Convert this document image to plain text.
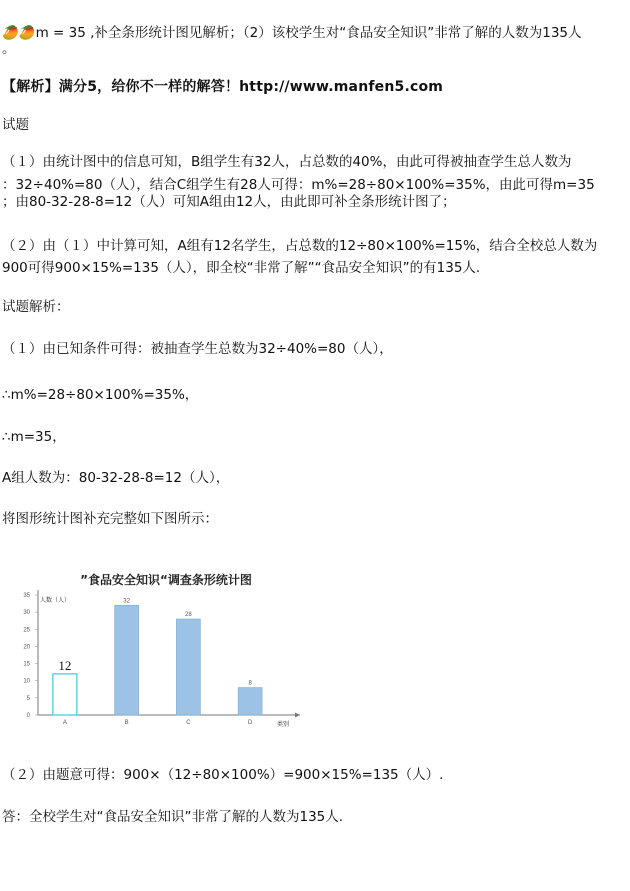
🥭🥭m = 35 ,补全条形统计图见解析；（2）该校学生对“食品安全知识”非常了解的人数为135人
。
【解析】满分5，给你不一样的解答！http://www.manfen5.com
试题
（１）由统计图中的信息可知，B组学生有32人，占总数的40%，由此可得被抽查学生总人数为
：32÷40%=80（人），结合C组学生有28人可得：m%=28÷80×100%=35%，由此可得m=35
；由80-32-28-8=12（人）可知A组由12人，由此即可补全条形统计图了；
（２）由（１）中计算可知，A组有12名学生，占总数的12÷80×100%=15%，结合全校总人数为
900可得900×15%=135（人），即全校“非常了解”“食品安全知识”的有135人.
试题解析：
（１）由已知条件可得：被抽查学生总数为32÷40%=80（人），
∴m%=28÷80×100%=35%，
∴m=35，
A组人数为：80-32-28-8=12（人），
将图形统计图补充完整如下图所示：
”食品安全知识“调查条形统计图
人数（人）
类别
0
5
10
15
20
25
30
35
A
12
B
32
C
28
D
8
（２）由题意可得：900×（12÷80×100%）=900×15%=135（人）.
答：全校学生对“食品安全知识”非常了解的人数为135人.
